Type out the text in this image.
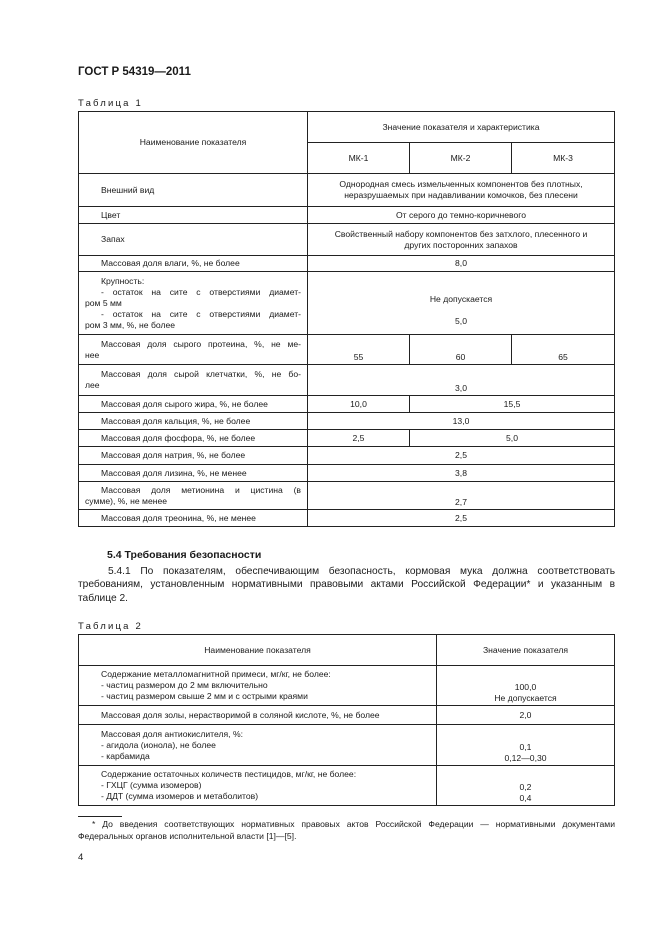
ГОСТ Р 54319—2011
Таблица 1
Наименование показателя	Значение показателя и характеристика		
	МК-1	МК-2	МК-3
Внешний вид	Однородная смесь измельченных компонентов без плотных,
неразрушаемых при надавливании комочков, без плесени		

Цвет	От серого до темно-коричневого		
Запах	Свойственный набору компонентов без затхлого, плесенного и
других посторонних запахов		

Массовая доля влаги, %, не более	8,0		

Крупность:
- остаток на сите с отверстиями диамет-
ром 5 мм
- остаток на сите с отверстиями диамет-
ром 3 мм, %, не более	Не допускается
5,0		

Массовая доля сырого протеина, %, не ме-
нее	55	60	65

Массовая доля сырой клетчатки, %, не бо-
лее	3,0		
Массовая доля сырого жира, %, не более	10,0	15,5	
Массовая доля кальция, %, не более	13,0		
Массовая доля фосфора, %, не более	2,5	5,0	
Массовая доля натрия, %, не более	2,5		
Массовая доля лизина, %, не менее	3,8		

Массовая доля метионина и цистина (в
сумме), %, не менее	2,7		
Массовая доля треонина, %, не менее	2,5		
5.4 Требования безопасности
5.4.1 По показателям, обеспечивающим безопасность, кормовая мука должна соответствовать требованиям, установленным нормативными правовыми актами Российской Федерации* и указанным в таблице 2.
Таблица 2
Наименование показателя	Значение показателя

Содержание металломагнитной примеси, мг/кг, не более:
- частиц размером до 2 мм включительно
- частиц размером свыше 2 мм и с острыми краями	100,0
Не допускается

Массовая доля золы, нерастворимой в соляной кислоте, %, не более	2,0

Массовая доля антиокислителя, %:
- агидола (ионола), не более
- карбамида	0,1
0,12—0,30

Содержание остаточных количеств пестицидов, мг/кг, не более:
- ГХЦГ (сумма изомеров)
- ДДТ (сумма изомеров и метаболитов)	0,2
0,4
* До введения соответствующих нормативных правовых актов Российской Федерации — нормативными документами Федеральных органов исполнительной власти [1]—[5].
4
